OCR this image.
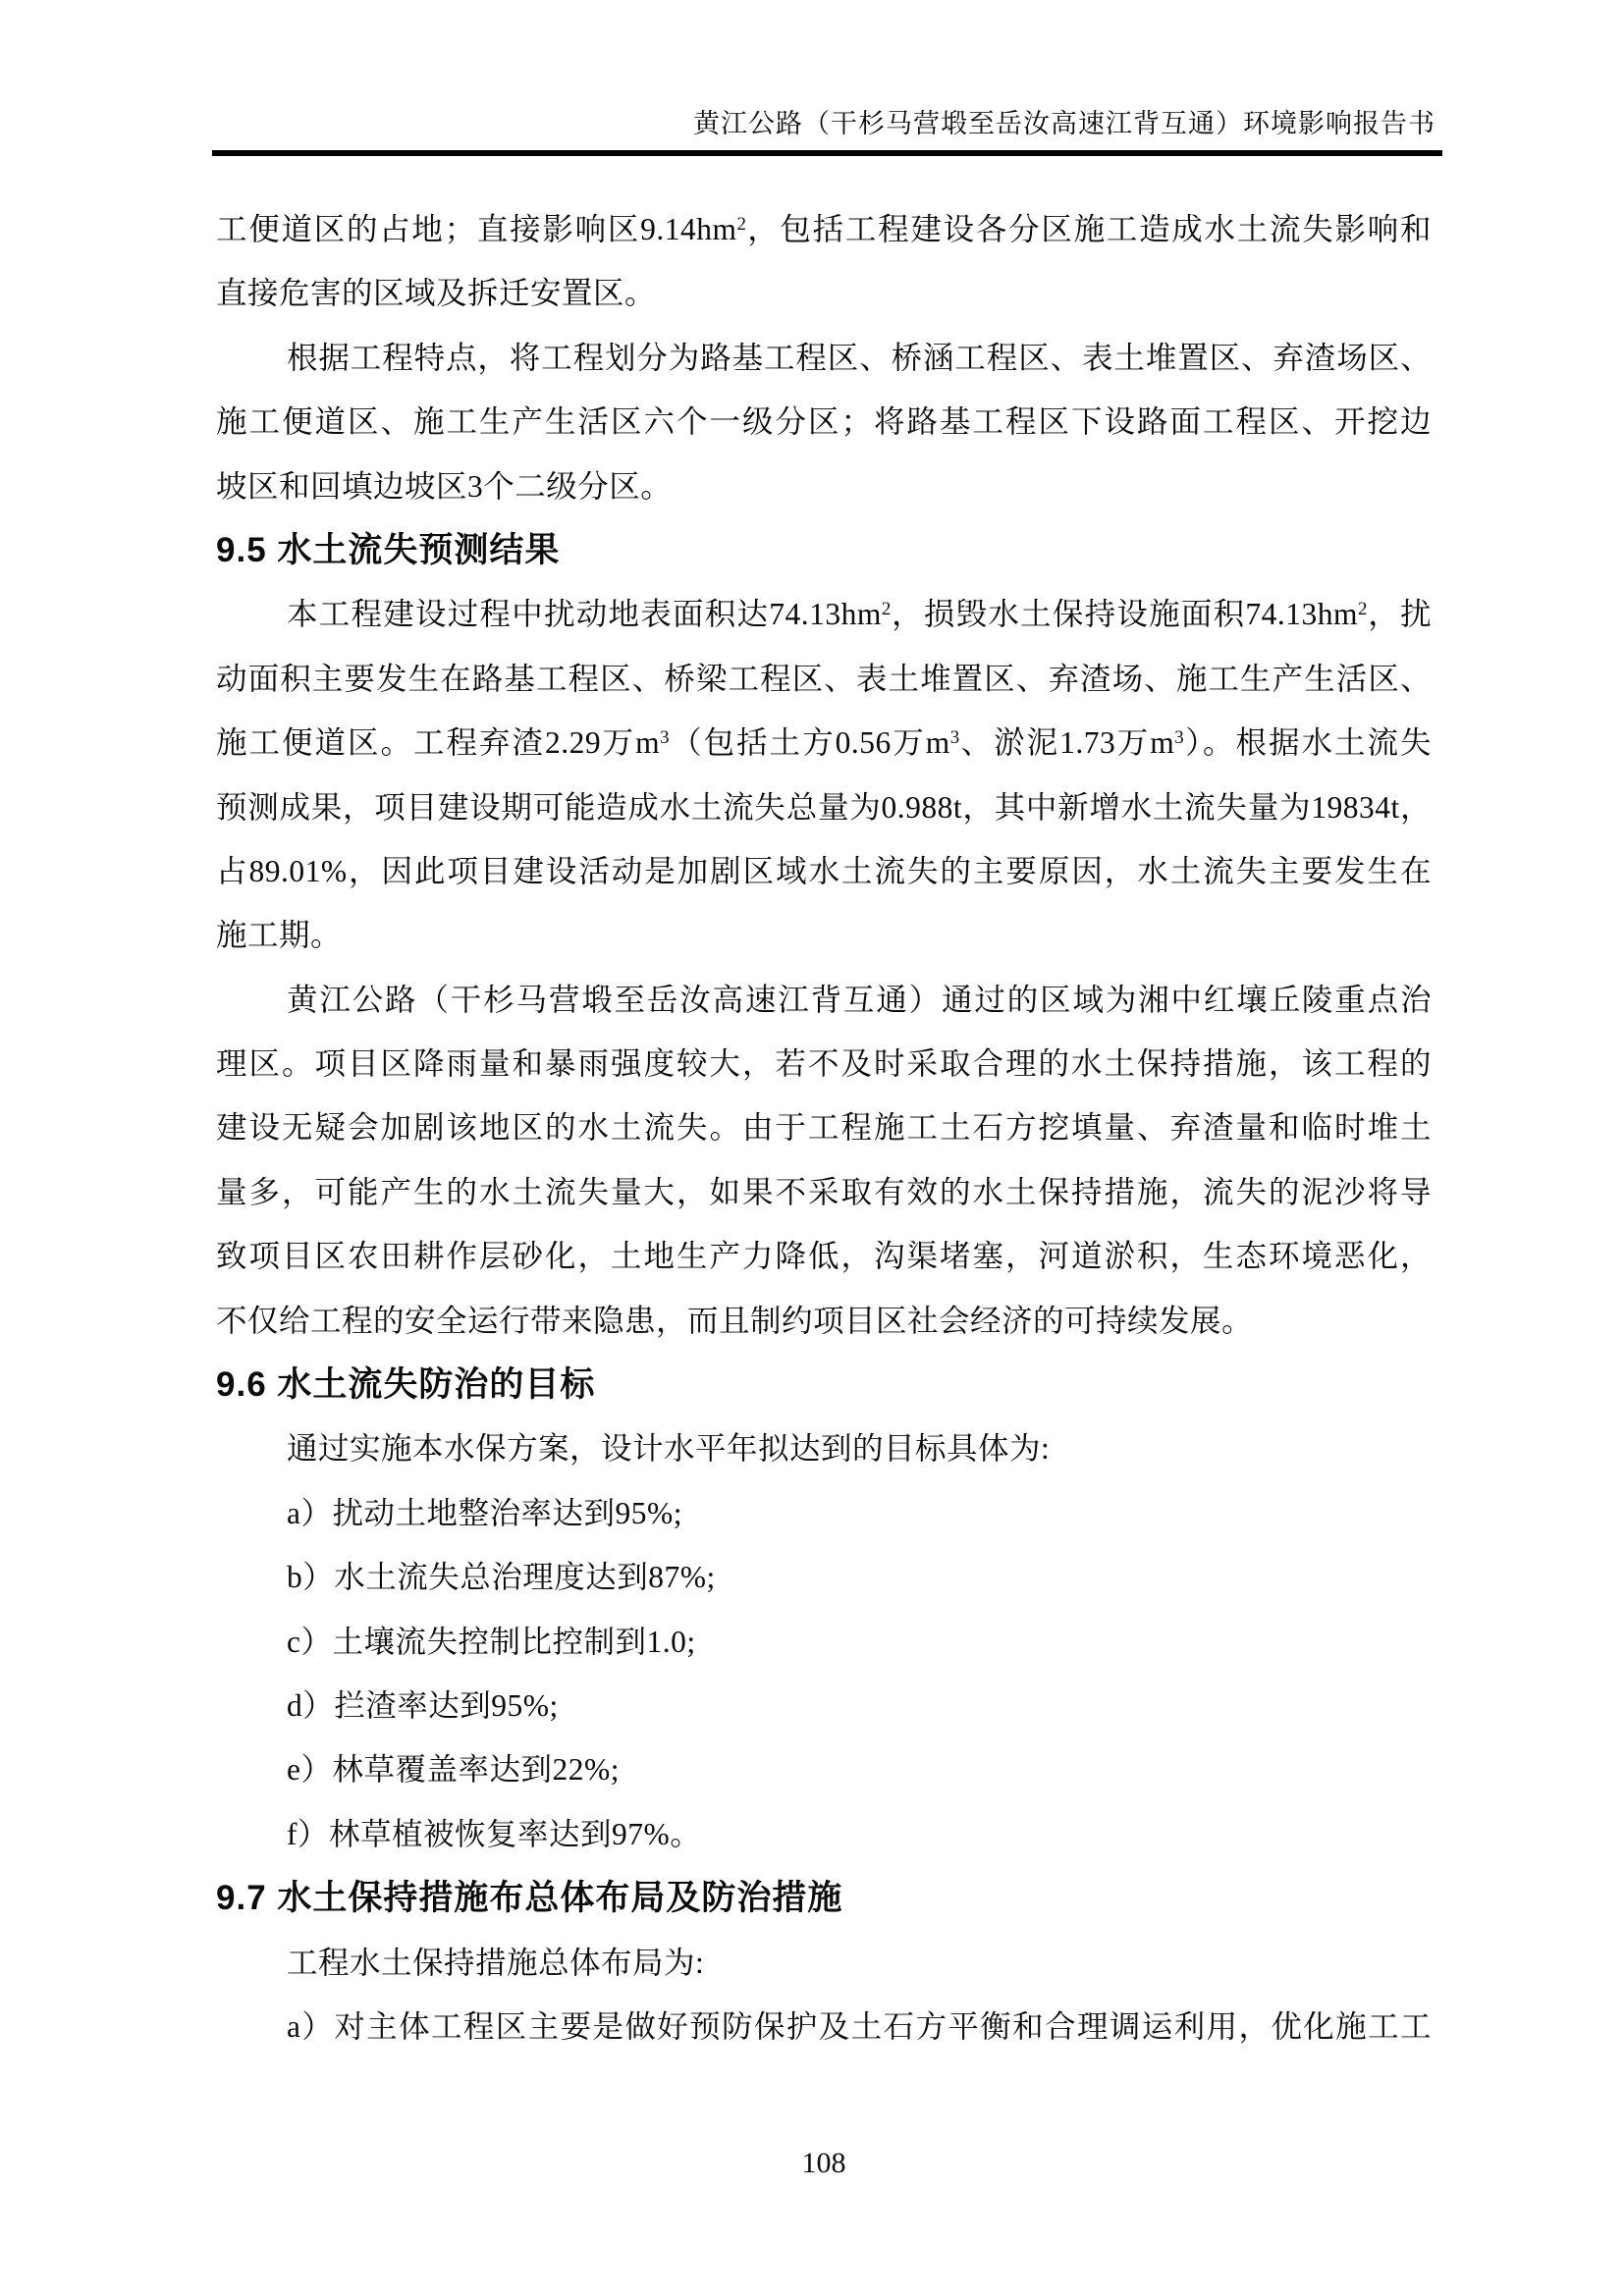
黄江公路（干杉马营塅至岳汝高速江背互通）环境影响报告书
工便道区的占地；直接影响区$9.14hm^2$，包括工程建设各分区施工造成水土流失影响和
直接危害的区域及拆迁安置区。
根据工程特点，将工程划分为路基工程区、桥涵工程区、表土堆置区、弃渣场区、
施工便道区、施工生产生活区六个一级分区；将路基工程区下设路面工程区、开挖边
坡区和回填边坡区3个二级分区。
9.5 水土流失预测结果
本工程建设过程中扰动地表面积达$74.13hm^2$，损毁水土保持设施面积$74.13hm^2$，扰
动面积主要发生在路基工程区、桥梁工程区、表土堆置区、弃渣场、施工生产生活区、
施工便道区。工程弃渣2.29万$m^3$（包括土方0.56万$m^3$、淤泥1.73万$m^3$）。根据水土流失
预测成果，项目建设期可能造成水土流失总量为0.988t，其中新增水土流失量为19834t，
占89.01%，因此项目建设活动是加剧区域水土流失的主要原因，水土流失主要发生在
施工期。
黄江公路（干杉马营塅至岳汝高速江背互通）通过的区域为湘中红壤丘陵重点治
理区。项目区降雨量和暴雨强度较大，若不及时采取合理的水土保持措施，该工程的
建设无疑会加剧该地区的水土流失。由于工程施工土石方挖填量、弃渣量和临时堆土
量多，可能产生的水土流失量大，如果不采取有效的水土保持措施，流失的泥沙将导
致项目区农田耕作层砂化，土地生产力降低，沟渠堵塞，河道淤积，生态环境恶化，
不仅给工程的安全运行带来隐患，而且制约项目区社会经济的可持续发展。
9.6 水土流失防治的目标
通过实施本水保方案，设计水平年拟达到的目标具体为:
a）扰动土地整治率达到95%;
b）水土流失总治理度达到87%;
c）土壤流失控制比控制到1.0;
d）拦渣率达到95%;
e）林草覆盖率达到22%;
f）林草植被恢复率达到97%。
9.7 水土保持措施布总体布局及防治措施
工程水土保持措施总体布局为:
a）对主体工程区主要是做好预防保护及土石方平衡和合理调运利用，优化施工工
108
